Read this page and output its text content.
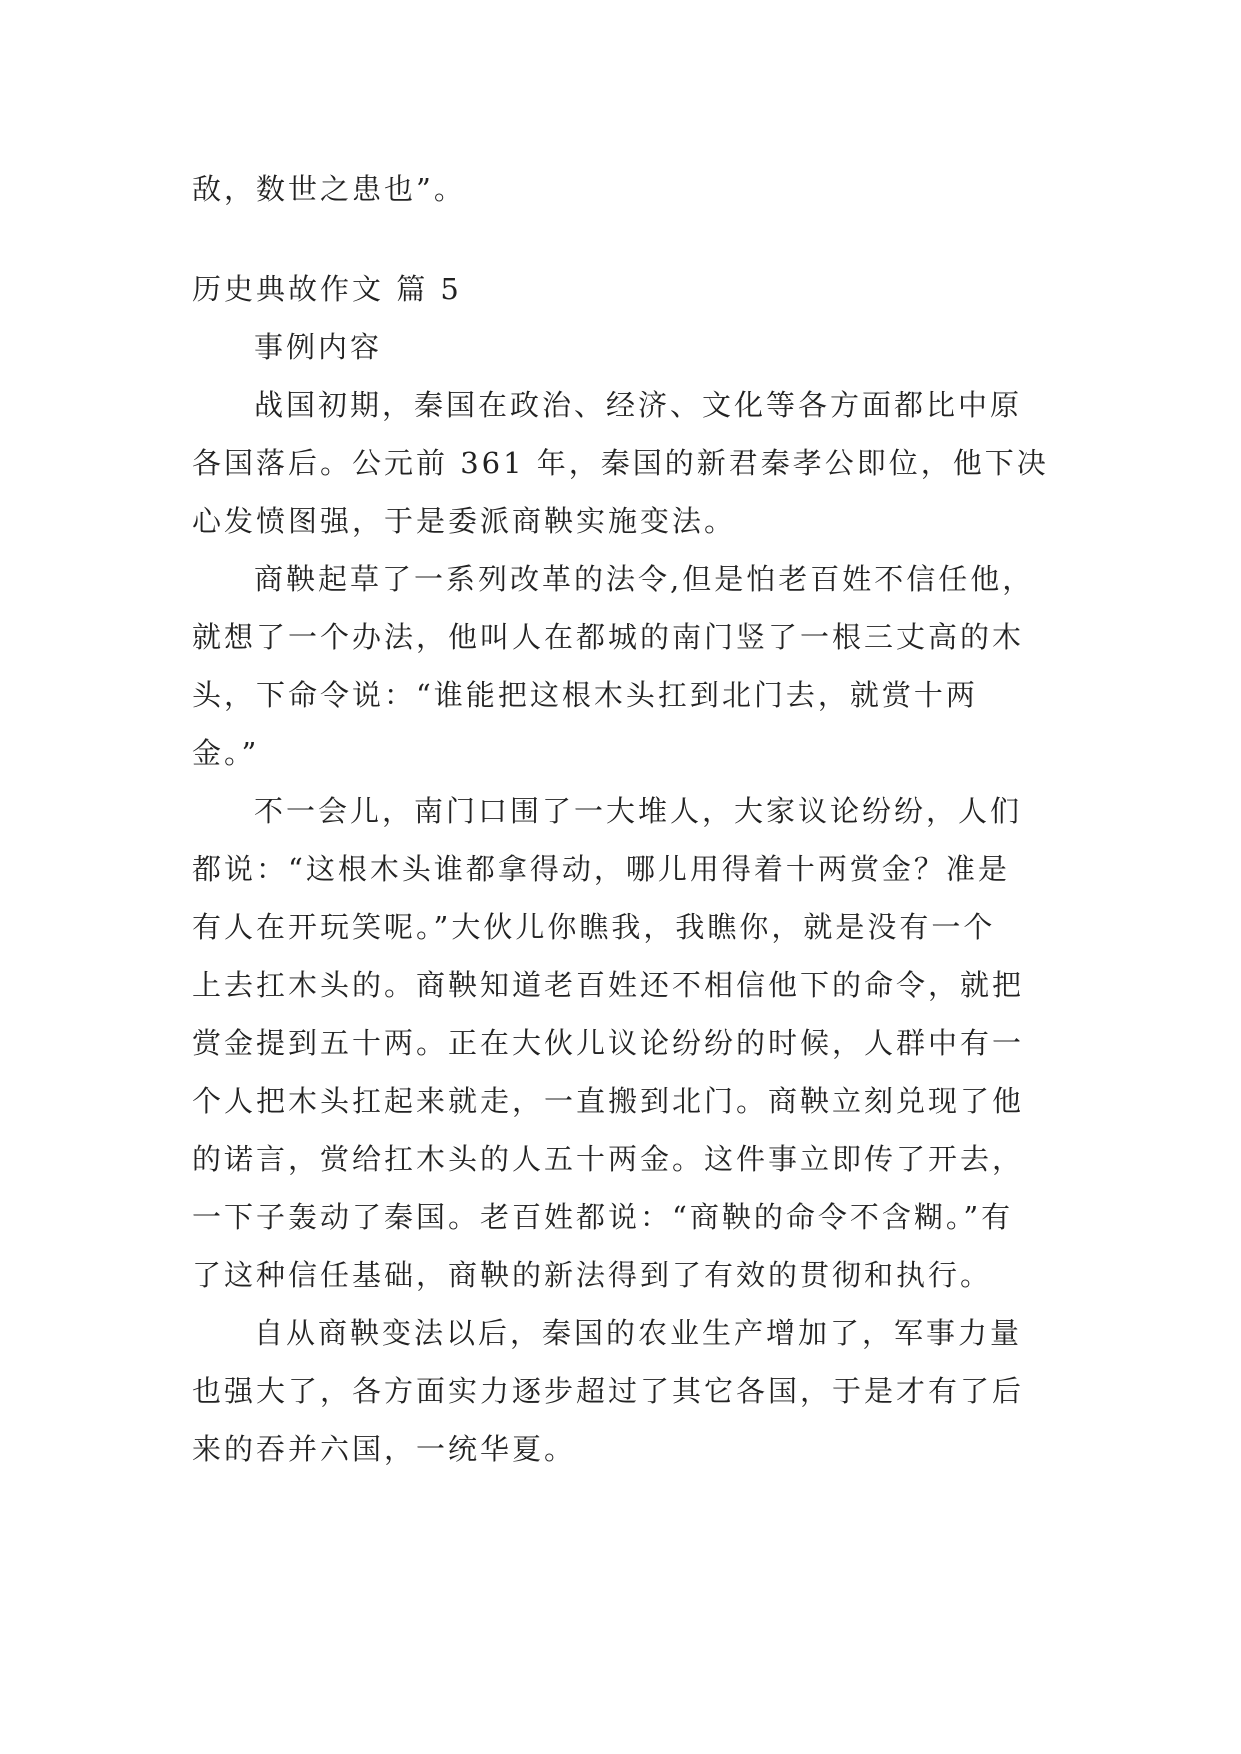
敌，数世之患也”。

历史典故作文 篇 5

事例内容

战国初期，秦国在政治、经济、文化等各方面都比中原

各国落后。公元前 361 年，秦国的新君秦孝公即位，他下决

心发愤图强，于是委派商鞅实施变法。

商鞅起草了一系列改革的法令,但是怕老百姓不信任他，

就想了一个办法，他叫人在都城的南门竖了一根三丈高的木

头，下命令说：“谁能把这根木头扛到北门去，就赏十两

金。”

不一会儿，南门口围了一大堆人，大家议论纷纷，人们

都说：“这根木头谁都拿得动，哪儿用得着十两赏金？准是

有人在开玩笑呢。”大伙儿你瞧我，我瞧你，就是没有一个

上去扛木头的。商鞅知道老百姓还不相信他下的命令，就把

赏金提到五十两。正在大伙儿议论纷纷的时候，人群中有一

个人把木头扛起来就走，一直搬到北门。商鞅立刻兑现了他

的诺言，赏给扛木头的人五十两金。这件事立即传了开去，

一下子轰动了秦国。老百姓都说：“商鞅的命令不含糊。”有

了这种信任基础，商鞅的新法得到了有效的贯彻和执行。

自从商鞅变法以后，秦国的农业生产增加了，军事力量

也强大了，各方面实力逐步超过了其它各国，于是才有了后

来的吞并六国，一统华夏。
